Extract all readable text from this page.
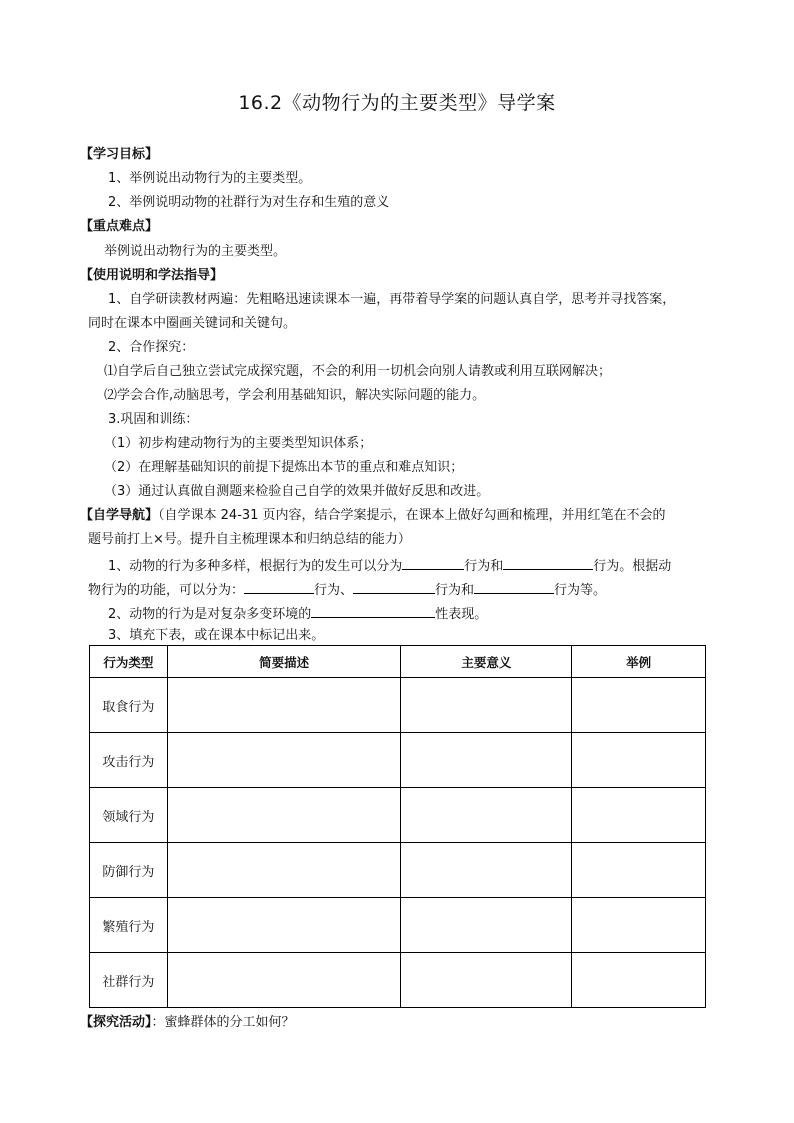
16.2《动物行为的主要类型》导学案
【学习目标】
1、举例说出动物行为的主要类型。
2、举例说明动物的社群行为对生存和生殖的意义
【重点难点】
举例说出动物行为的主要类型。
【使用说明和学法指导】
1、自学研读教材两遍：先粗略迅速读课本一遍，再带着导学案的问题认真自学，思考并寻找答案，
同时在课本中圈画关键词和关键句。
2、合作探究：
⑴自学后自己独立尝试完成探究题，不会的利用一切机会向别人请教或利用互联网解决；
⑵学会合作,动脑思考，学会利用基础知识，解决实际问题的能力。
3.巩固和训练：
（1）初步构建动物行为的主要类型知识体系；
（2）在理解基础知识的前提下提炼出本节的重点和难点知识；
（3）通过认真做自测题来检验自己自学的效果并做好反思和改进。
【自学导航】（自学课本 24-31 页内容，结合学案提示，在课本上做好勾画和梳理，并用红笔在不会的
题号前打上×号。提升自主梳理课本和归纳总结的能力）
1、动物的行为多种多样，根据行为的发生可以分为	行为和	行为。根据动
物行为的功能，可以分为：	行为、	行为和	行为等。
2、动物的行为是对复杂多变环境的	性表现。
3、填充下表，或在课本中标记出来。
行为类型	简要描述	主要意义	举例
取食行为			
攻击行为			
领域行为			
防御行为			
繁殖行为			
社群行为			
【探究活动】：蜜蜂群体的分工如何？
